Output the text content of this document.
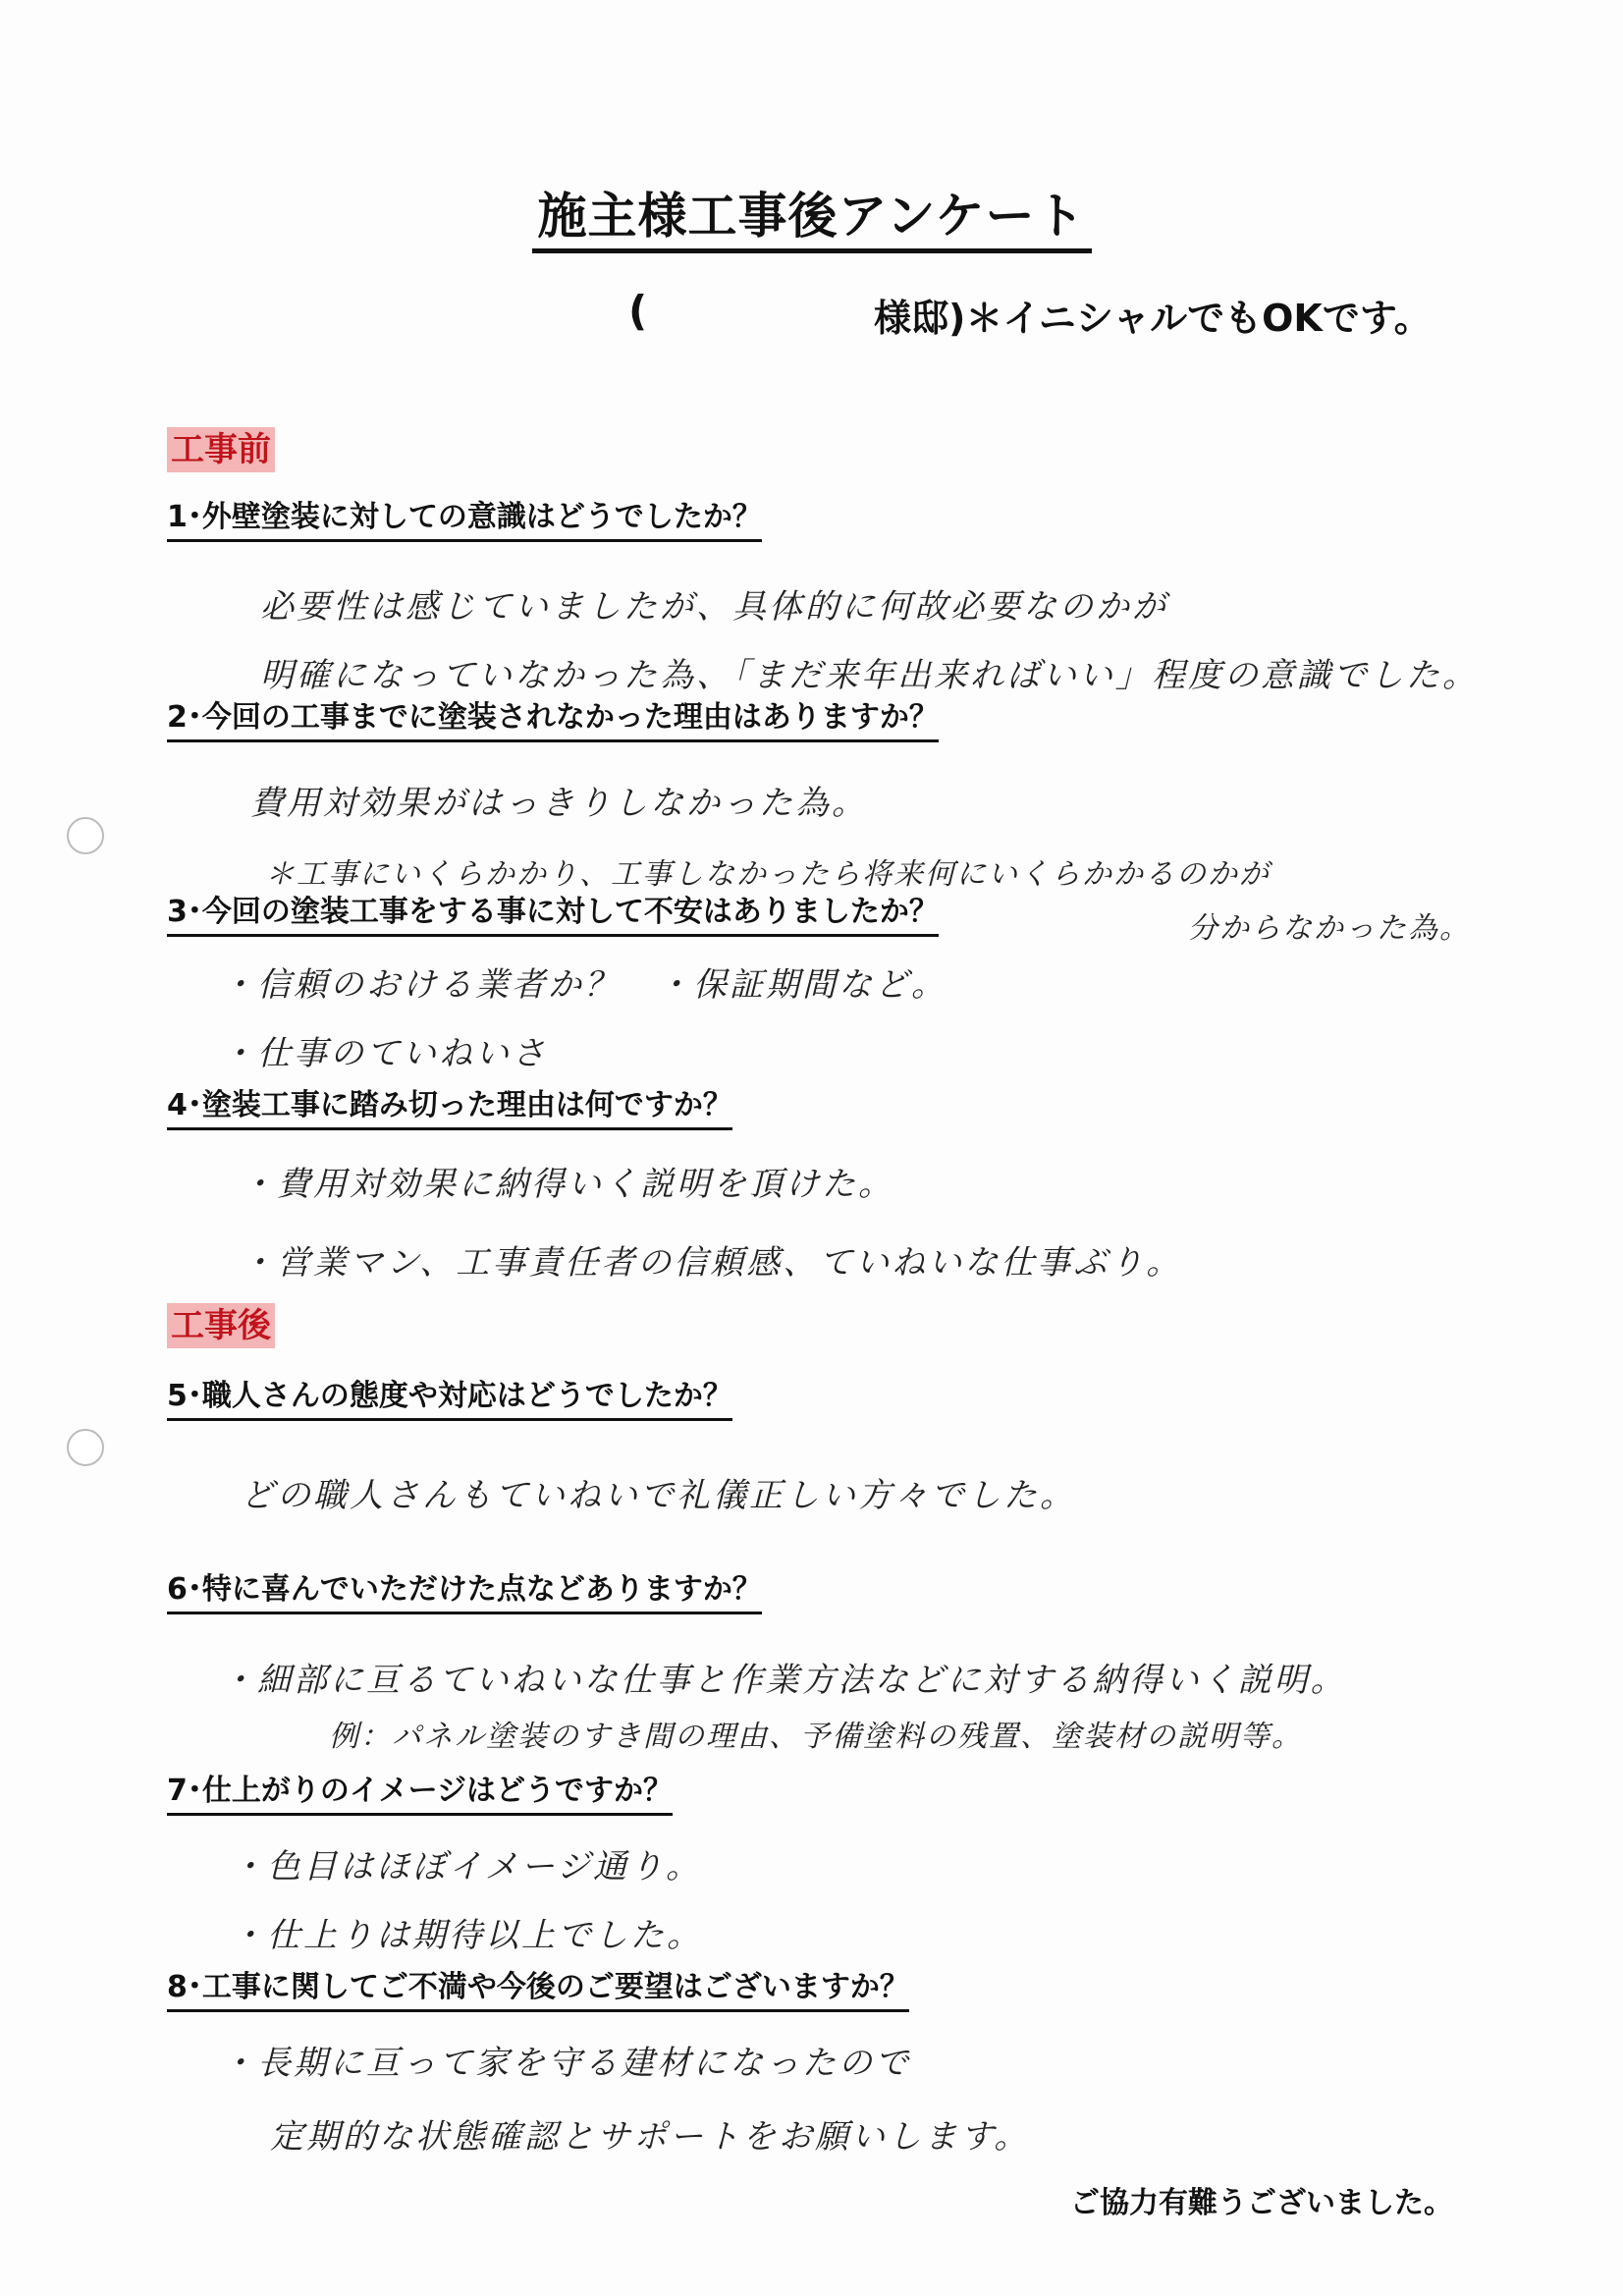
施主様工事後アンケート
(	様邸)＊イニシャルでもOKです。
工事前
1･外壁塗装に対しての意識はどうでしたか？
必要性は感じていましたが、具体的に何故必要なのかが
明確になっていなかった為、「まだ来年出来ればいい」程度の意識でした。
2･今回の工事までに塗装されなかった理由はありますか？
費用対効果がはっきりしなかった為。
＊工事にいくらかかり、工事しなかったら将来何にいくらかかるのかが
分からなかった為。
3･今回の塗装工事をする事に対して不安はありましたか？
・信頼のおける業者か？　・保証期間など。
・仕事のていねいさ
4･塗装工事に踏み切った理由は何ですか？
・費用対効果に納得いく説明を頂けた。
・営業マン、工事責任者の信頼感、ていねいな仕事ぶり。
工事後
5･職人さんの態度や対応はどうでしたか？
どの職人さんもていねいで礼儀正しい方々でした。
6･特に喜んでいただけた点などありますか？
・細部に亘るていねいな仕事と作業方法などに対する納得いく説明。
例：パネル塗装のすき間の理由、予備塗料の残置、塗装材の説明等。
7･仕上がりのイメージはどうですか？
・色目はほぼイメージ通り。
・仕上りは期待以上でした。
8･工事に関してご不満や今後のご要望はございますか？
・長期に亘って家を守る建材になったので
定期的な状態確認とサポートをお願いします。
ご協力有難うございました。
